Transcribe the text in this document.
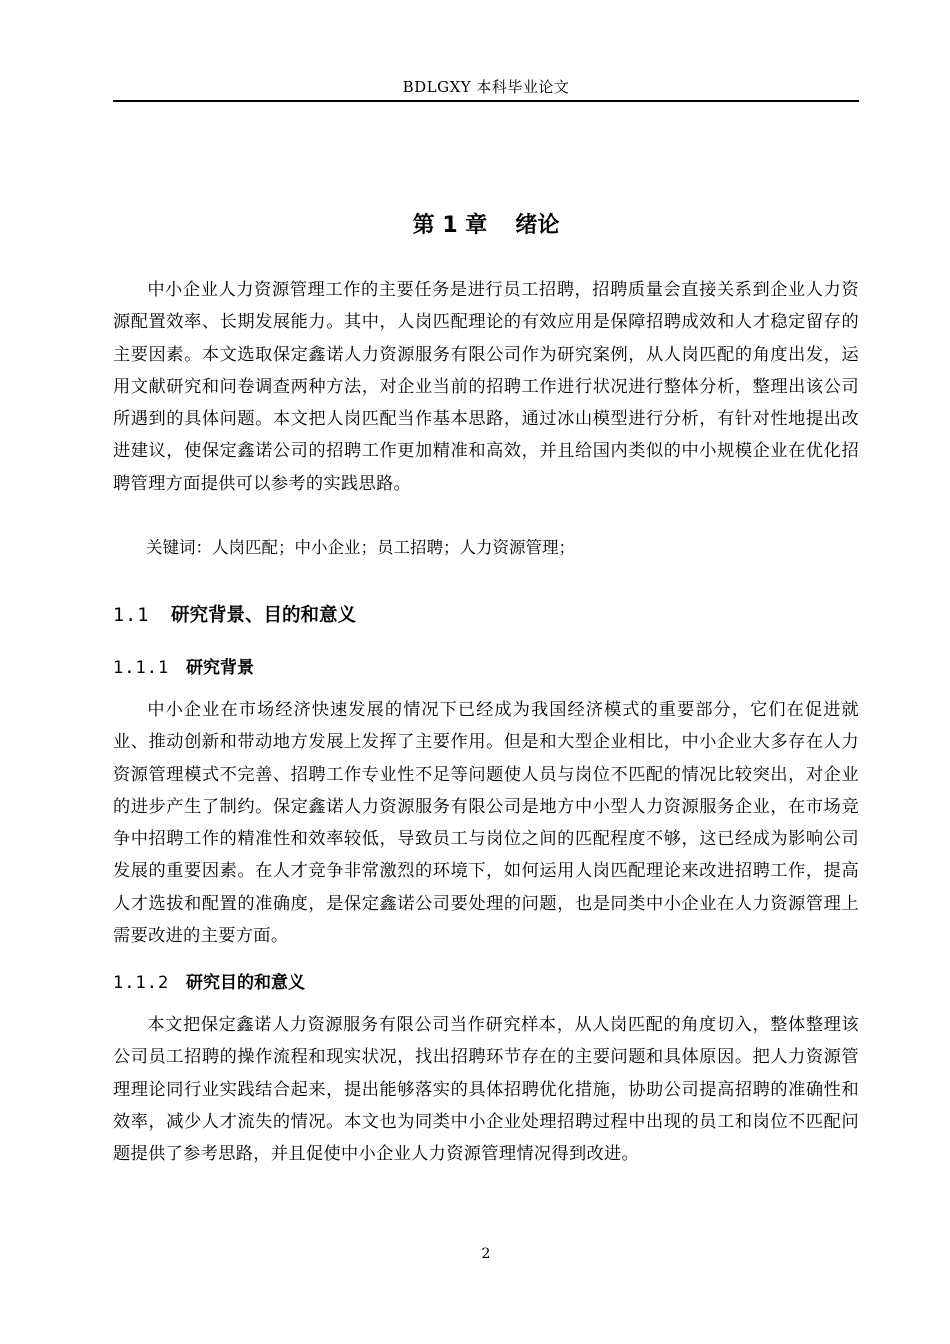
BDLGXY 本科毕业论文
第 1 章 绪论

中小企业人力资源管理工作的主要任务是进行员工招聘，招聘质量会直接关系到企业人力资源配置效率、长期发展能力。其中，人岗匹配理论的有效应用是保障招聘成效和人才稳定留存的主要因素。本文选取保定鑫诺人力资源服务有限公司作为研究案例，从人岗匹配的角度出发，运用文献研究和问卷调查两种方法，对企业当前的招聘工作进行状况进行整体分析，整理出该公司所遇到的具体问题。本文把人岗匹配当作基本思路，通过冰山模型进行分析，有针对性地提出改进建议，使保定鑫诺公司的招聘工作更加精准和高效，并且给国内类似的中小规模企业在优化招聘管理方面提供可以参考的实践思路。

关键词：人岗匹配；中小企业；员工招聘；人力资源管理；

1.1 研究背景、目的和意义
1.1.1 研究背景

中小企业在市场经济快速发展的情况下已经成为我国经济模式的重要部分，它们在促进就业、推动创新和带动地方发展上发挥了主要作用。但是和大型企业相比，中小企业大多存在人力资源管理模式不完善、招聘工作专业性不足等问题使人员与岗位不匹配的情况比较突出，对企业的进步产生了制约。保定鑫诺人力资源服务有限公司是地方中小型人力资源服务企业，在市场竞争中招聘工作的精准性和效率较低，导致员工与岗位之间的匹配程度不够，这已经成为影响公司发展的重要因素。在人才竞争非常激烈的环境下，如何运用人岗匹配理论来改进招聘工作，提高人才选拔和配置的准确度，是保定鑫诺公司要处理的问题，也是同类中小企业在人力资源管理上需要改进的主要方面。

1.1.2 研究目的和意义

本文把保定鑫诺人力资源服务有限公司当作研究样本，从人岗匹配的角度切入，整体整理该公司员工招聘的操作流程和现实状况，找出招聘环节存在的主要问题和具体原因。把人力资源管理理论同行业实践结合起来，提出能够落实的具体招聘优化措施，协助公司提高招聘的准确性和效率，减少人才流失的情况。本文也为同类中小企业处理招聘过程中出现的员工和岗位不匹配问题提供了参考思路，并且促使中小企业人力资源管理情况得到改进。

2
